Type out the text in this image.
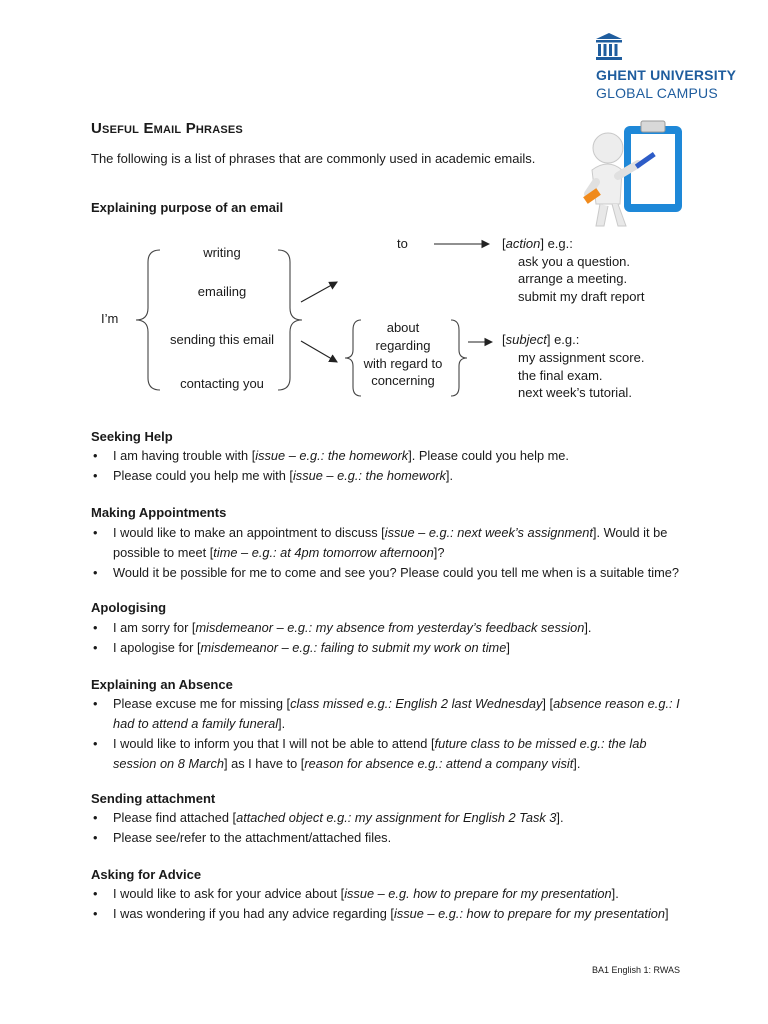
GHENT UNIVERSITY
GLOBAL CAMPUS
Useful Email Phrases
The following is a list of phrases that are commonly used in academic emails.
Explaining purpose of an email
I’m
writing
emailing
sending this email
contacting you
to
about
regarding
with regard to
concerning
[action] e.g.:
ask you a question.
arrange a meeting.
submit my draft report
[subject] e.g.:
my assignment score.
the final exam.
next week’s tutorial.
Seeking Help
• I am having trouble with [issue – e.g.: the homework]. Please could you help me.
• Please could you help me with [issue – e.g.: the homework].
Making Appointments
• I would like to make an appointment to discuss [issue – e.g.: next week’s assignment]. Would it be possible to meet [time – e.g.: at 4pm tomorrow afternoon]?
• Would it be possible for me to come and see you? Please could you tell me when is a suitable time?
Apologising
• I am sorry for [misdemeanor – e.g.: my absence from yesterday’s feedback session].
• I apologise for [misdemeanor – e.g.: failing to submit my work on time]
Explaining an Absence
• Please excuse me for missing [class missed e.g.: English 2 last Wednesday] [absence reason e.g.: I had to attend a family funeral].
• I would like to inform you that I will not be able to attend [future class to be missed e.g.: the lab session on 8 March] as I have to [reason for absence e.g.: attend a company visit].
Sending attachment
• Please find attached [attached object e.g.: my assignment for English 2 Task 3].
• Please see/refer to the attachment/attached files.
Asking for Advice
• I would like to ask for your advice about [issue – e.g. how to prepare for my presentation].
• I was wondering if you had any advice regarding [issue – e.g.: how to prepare for my presentation]
BA1 English 1: RWAS
